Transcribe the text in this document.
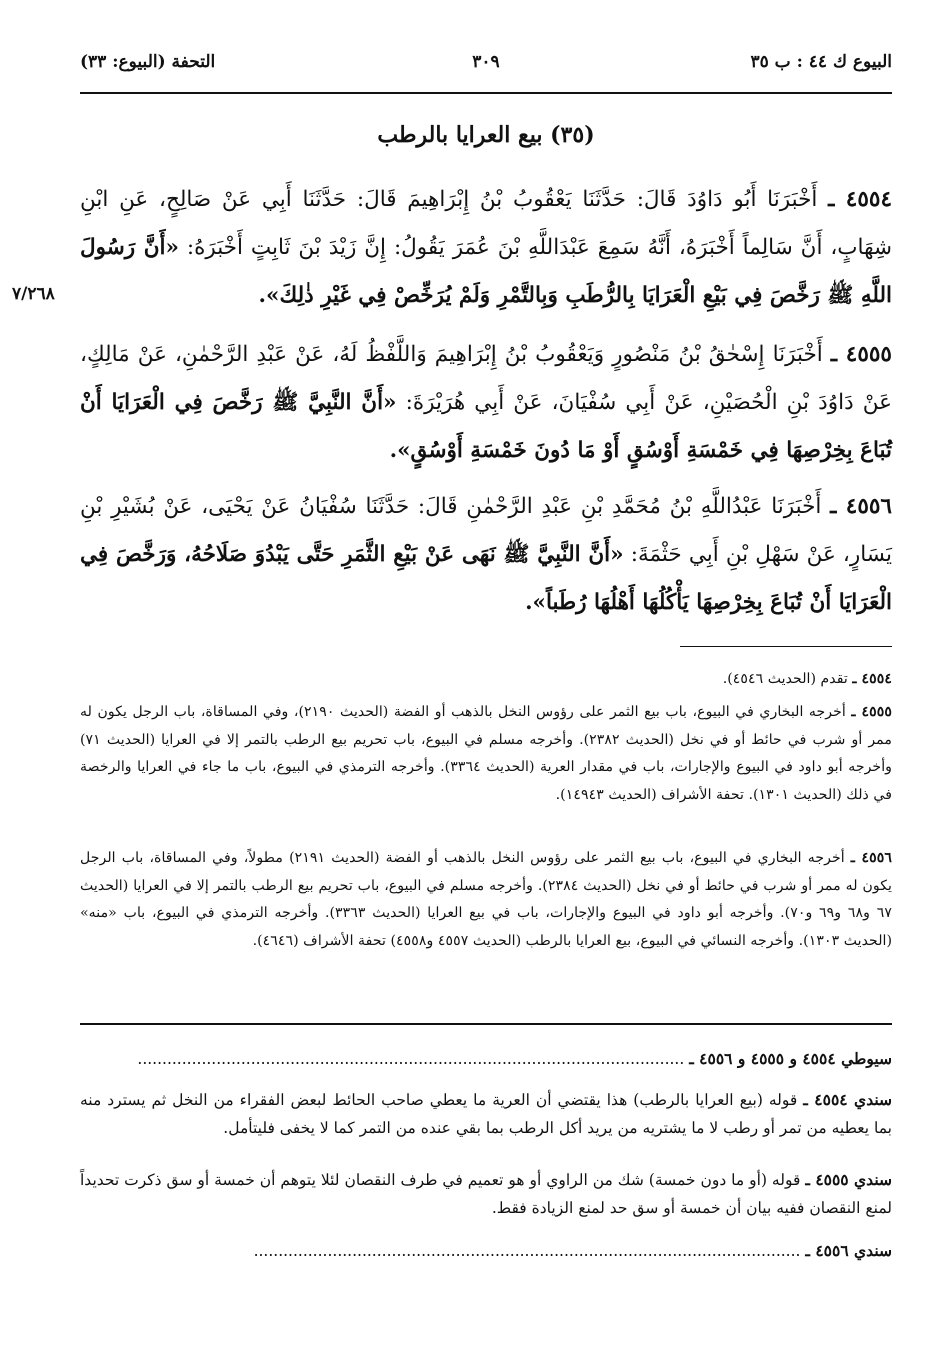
البيوع ك ٤٤ : ب ٣٥
٣٠٩
التحفة (البيوع: ٣٣)
(٣٥) بيع العرايا بالرطب
٧/٢٦٨
٤٥٥٤ ـ أَخْبَرَنَا أَبُو دَاوُدَ قَالَ: حَدَّثَنَا يَعْقُوبُ بْنُ إِبْرَاهِيمَ قَالَ: حَدَّثَنَا أَبِي عَنْ صَالِحٍ، عَنِ ابْنِ شِهَابٍ، أَنَّ سَالِماً أَخْبَرَهُ، أَنَّهُ سَمِعَ عَبْدَاللَّهِ بْنَ عُمَرَ يَقُولُ: إِنَّ زَيْدَ بْنَ ثَابِتٍ أَخْبَرَهُ: «أَنَّ رَسُولَ اللَّهِ ﷺ رَخَّصَ فِي بَيْعِ الْعَرَايَا بِالرُّطَبِ وَبِالتَّمْرِ وَلَمْ يُرَخِّصْ فِي غَيْرِ ذٰلِكَ».
٤٥٥٥ ـ أَخْبَرَنَا إِسْحٰقُ بْنُ مَنْصُورٍ وَيَعْقُوبُ بْنُ إِبْرَاهِيمَ وَاللَّفْظُ لَهُ، عَنْ عَبْدِ الرَّحْمٰنِ، عَنْ مَالِكٍ، عَنْ دَاوُدَ بْنِ الْحُصَيْنِ، عَنْ أَبِي سُفْيَانَ، عَنْ أَبِي هُرَيْرَةَ: «أَنَّ النَّبِيَّ ﷺ رَخَّصَ فِي الْعَرَايَا أَنْ تُبَاعَ بِخِرْصِهَا فِي خَمْسَةِ أَوْسُقٍ أَوْ مَا دُونَ خَمْسَةِ أَوْسُقٍ».
٤٥٥٦ ـ أَخْبَرَنَا عَبْدُاللَّهِ بْنُ مُحَمَّدِ بْنِ عَبْدِ الرَّحْمٰنِ قَالَ: حَدَّثَنَا سُفْيَانُ عَنْ يَحْيَى، عَنْ بُشَيْرِ بْنِ يَسَارٍ، عَنْ سَهْلِ بْنِ أَبِي حَثْمَةَ: «أَنَّ النَّبِيَّ ﷺ نَهَى عَنْ بَيْعِ الثَّمَرِ حَتَّى يَبْدُوَ صَلَاحُهُ، وَرَخَّصَ فِي الْعَرَايَا أَنْ تُبَاعَ بِخِرْصِهَا يَأْكُلُهَا أَهْلُهَا رُطَباً».
٤٥٥٤ ـ تقدم (الحديث ٤٥٤٦).
٤٥٥٥ ـ أخرجه البخاري في البيوع، باب بيع الثمر على رؤوس النخل بالذهب أو الفضة (الحديث ٢١٩٠)، وفي المساقاة، باب الرجل يكون له ممر أو شرب في حائط أو في نخل (الحديث ٢٣٨٢). وأخرجه مسلم في البيوع، باب تحريم بيع الرطب بالتمر إلا في العرايا (الحديث ٧١) وأخرجه أبو داود في البيوع والإجارات، باب في مقدار العرية (الحديث ٣٣٦٤). وأخرجه الترمذي في البيوع، باب ما جاء في العرايا والرخصة في ذلك (الحديث ١٣٠١). تحفة الأشراف (الحديث ١٤٩٤٣).
٤٥٥٦ ـ أخرجه البخاري في البيوع، باب بيع الثمر على رؤوس النخل بالذهب أو الفضة (الحديث ٢١٩١) مطولاً، وفي المساقاة، باب الرجل يكون له ممر أو شرب في حائط أو في نخل (الحديث ٢٣٨٤). وأخرجه مسلم في البيوع، باب تحريم بيع الرطب بالتمر إلا في العرايا (الحديث ٦٧ و٦٨ و٦٩ و٧٠). وأخرجه أبو داود في البيوع والإجارات، باب في بيع العرايا (الحديث ٣٣٦٣). وأخرجه الترمذي في البيوع، باب «منه» (الحديث ١٣٠٣). وأخرجه النسائي في البيوع، بيع العرايا بالرطب (الحديث ٤٥٥٧ و٤٥٥٨) تحفة الأشراف (٤٦٤٦).
سيوطي ٤٥٥٤ و ٤٥٥٥ و ٤٥٥٦ ـ ...............................................................................................................
سندي ٤٥٥٤ ـ قوله (بيع العرايا بالرطب) هذا يقتضي أن العرية ما يعطي صاحب الحائط لبعض الفقراء من النخل ثم يسترد منه بما يعطيه من تمر أو رطب لا ما يشتريه من يريد أكل الرطب بما بقي عنده من التمر كما لا يخفى فليتأمل.
سندي ٤٥٥٥ ـ قوله (أو ما دون خمسة) شك من الراوي أو هو تعميم في طرف النقصان لئلا يتوهم أن خمسة أو سق ذكرت تحديداً لمنع النقصان ففيه بيان أن خمسة أو سق حد لمنع الزيادة فقط.
سندي ٤٥٥٦ ـ ...............................................................................................................
